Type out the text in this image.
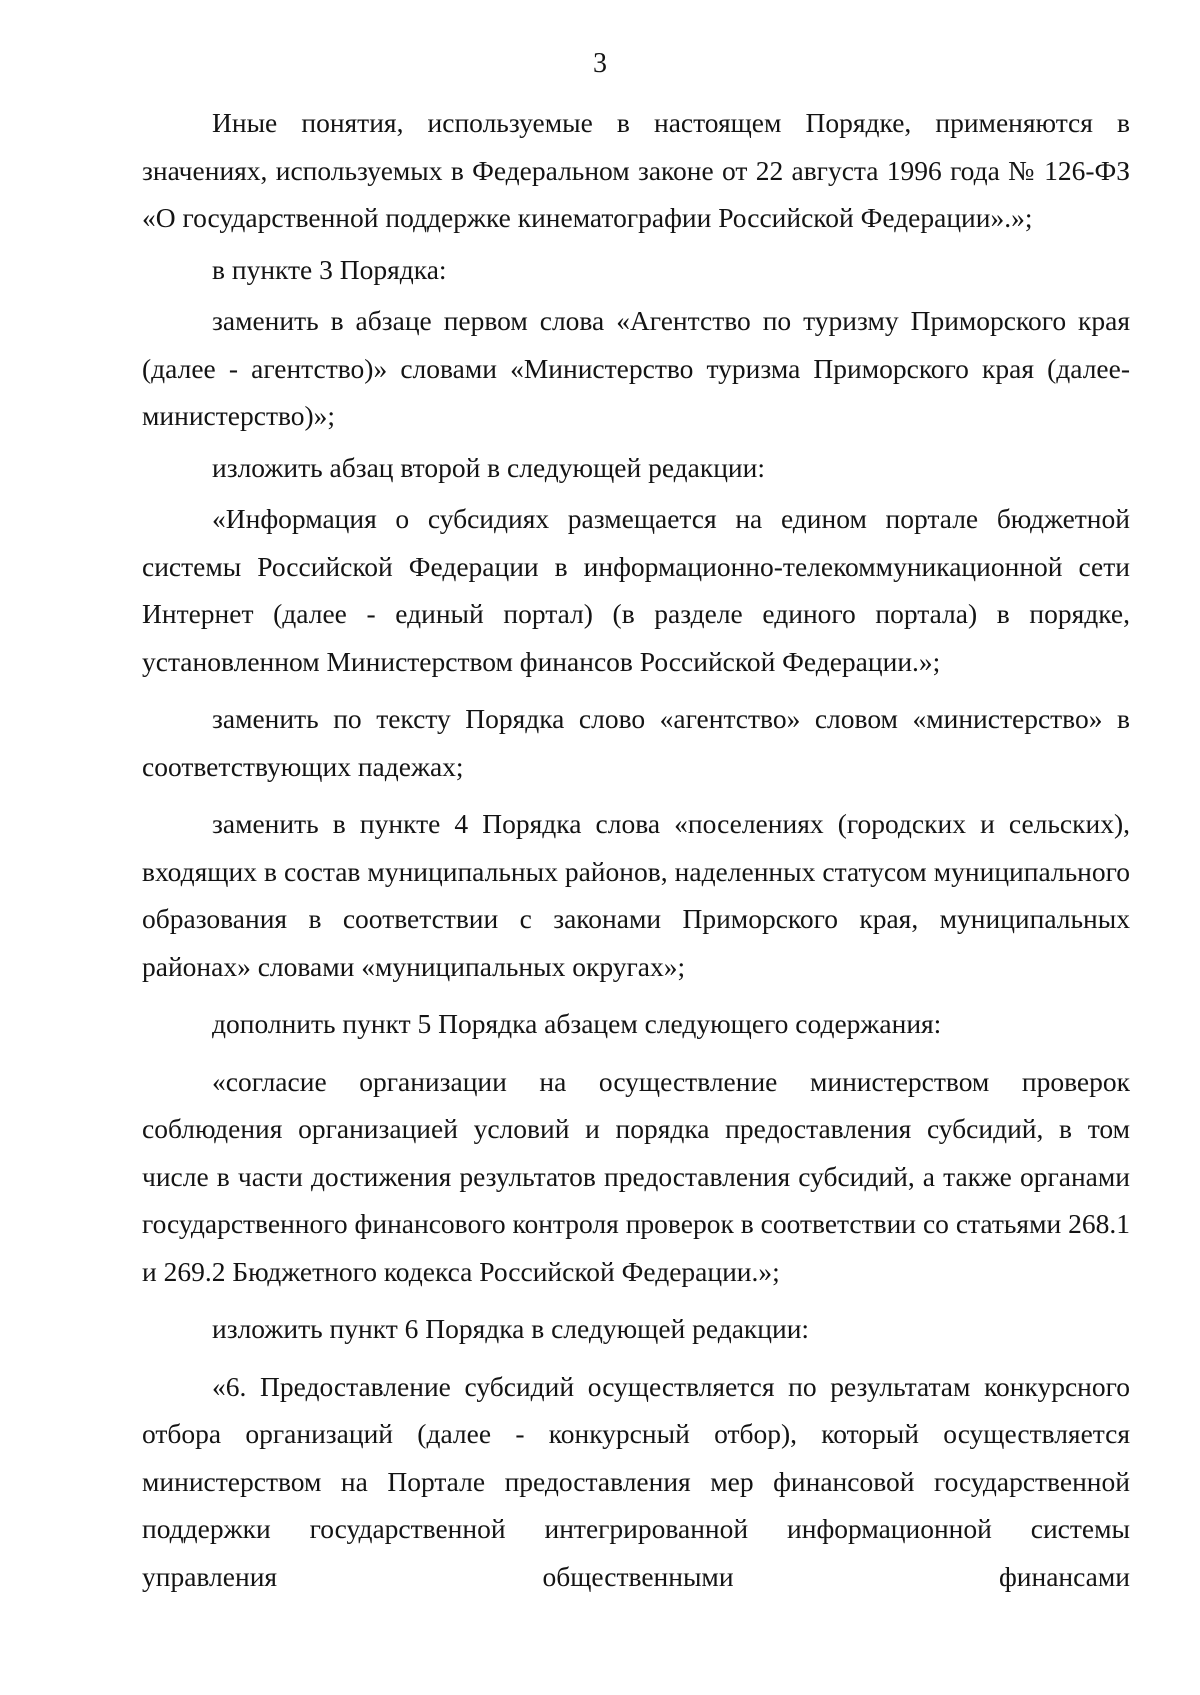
3

Иные понятия, используемые в настоящем Порядке, применяются в значениях, используемых в Федеральном законе от 22 августа 1996 года № 126-ФЗ «О государственной поддержке кинематографии Российской Федерации».»;

в пункте 3 Порядка:

заменить в абзаце первом слова «Агентство по туризму Приморского края (далее - агентство)» словами «Министерство туризма Приморского края (далее-министерство)»;

изложить абзац второй в следующей редакции:

«Информация о субсидиях размещается на едином портале бюджетной системы Российской Федерации в информационно-телекоммуникационной сети Интернет (далее - единый портал) (в разделе единого портала) в порядке, установленном Министерством финансов Российской Федерации.»;

заменить по тексту Порядка слово «агентство» словом «министерство» в соответствующих падежах;

заменить в пункте 4 Порядка слова «поселениях (городских и сельских), входящих в состав муниципальных районов, наделенных статусом муниципального образования в соответствии с законами Приморского края, муниципальных районах» словами «муниципальных округах»;

дополнить пункт 5 Порядка абзацем следующего содержания:

«согласие организации на осуществление министерством проверок соблюдения организацией условий и порядка предоставления субсидий, в том числе в части достижения результатов предоставления субсидий, а также органами государственного финансового контроля проверок в соответствии со статьями 268.1 и 269.2 Бюджетного кодекса Российской Федерации.»;

изложить пункт 6 Порядка в следующей редакции:

«6. Предоставление субсидий осуществляется по результатам конкурсного отбора организаций (далее - конкурсный отбор), который осуществляется министерством на Портале предоставления мер финансовой государственной поддержки государственной интегрированной информационной системы управления общественными финансами
